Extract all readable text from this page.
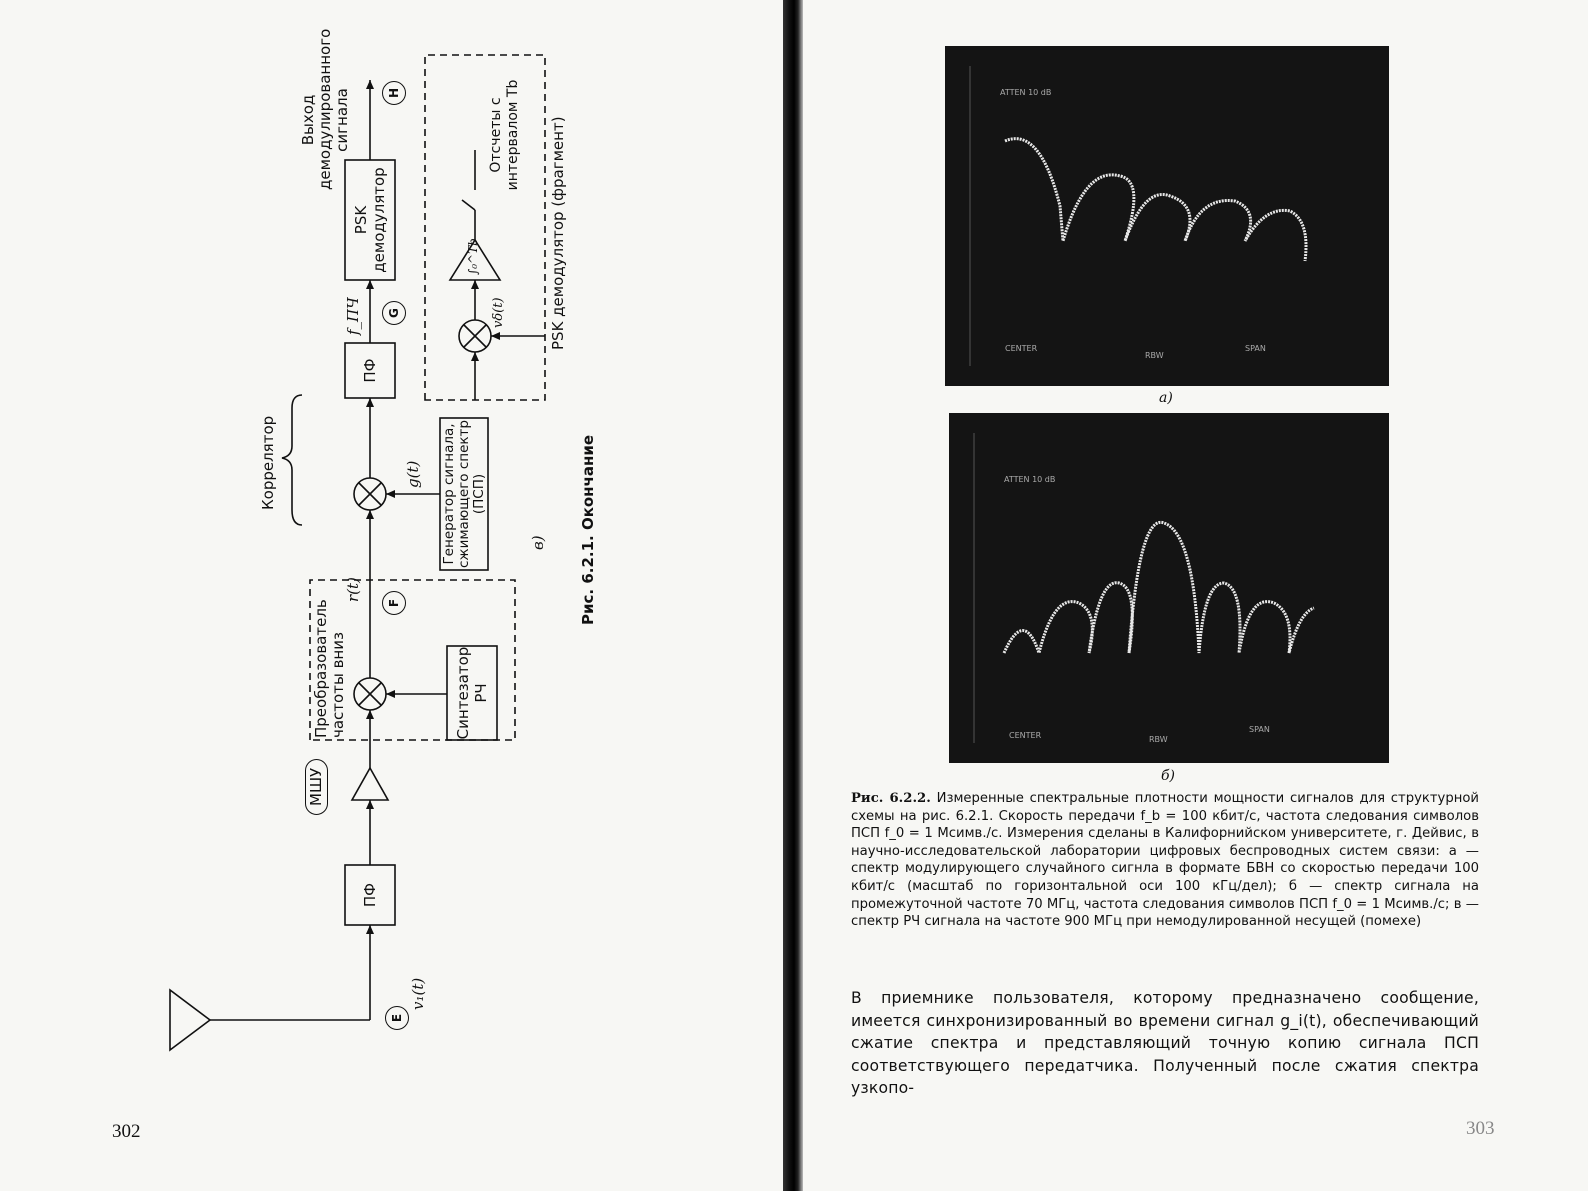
E
v₁(t)
ПФ
МШУ
Преобразователь частоты вниз	Синтезатор РЧ
F
r(t)
Коррелятор	g(t) Генератор сигнала, сжимающего спектр (ПСП)
ПФ
f_ПЧ	G
PSK демодулятор
Выход демодулированного сигнала	H
PSK демодулятор (фрагмент)
vδ(t)
∫₀^Tb
Отсчеты с интервалом Tb
в) Рис. 6.2.1. Окончание
302
ATTEN 10 dB
CENTER
RBW
SPAN
а)
ATTEN 10 dB
CENTER	RBW
SPAN
б)
Рис. 6.2.2. Измеренные спектральные плотности мощности сигналов для структурной схемы на рис. 6.2.1. Скорость передачи f_b = 100 кбит/с, частота следования символов ПСП f_0 = 1 Мсимв./с. Измерения сделаны в Калифорнийском университете, г. Дейвис, в научно-исследовательской лаборатории цифровых беспроводных систем связи: а — спектр модулирующего случайного сигнла в формате БВН со скоростью передачи 100 кбит/с (масштаб по горизонтальной оси 100 кГц/дел); б — спектр сигнала на промежуточной частоте 70 МГц, частота следования символов ПСП f_0 = 1 Мсимв./с; в — спектр РЧ сигнала на частоте 900 МГц при немодулированной несущей (помехе)
В приемнике пользователя, которому предназначено сообщение, имеется синхронизированный во времени сигнал g_i(t), обеспечивающий сжатие спектра и представляющий точную копию сигнала ПСП соответствующего передатчика. Полученный после сжатия спектра узкопо-
303
